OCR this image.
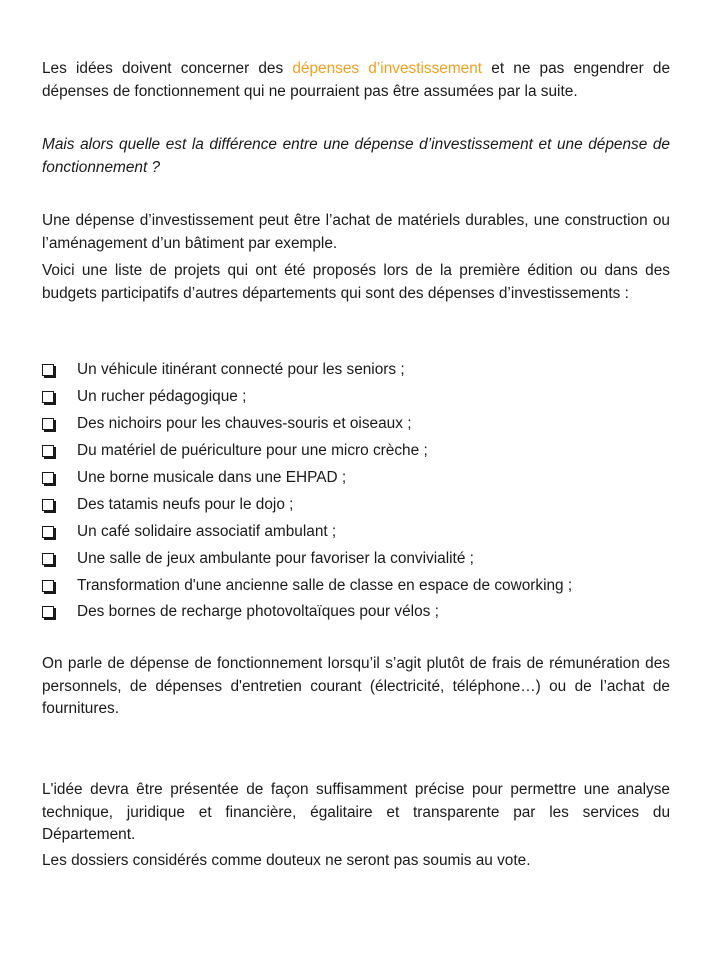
Les idées doivent concerner des dépenses d’investissement et ne pas engendrer de dépenses de fonctionnement qui ne pourraient pas être assumées par la suite.

Mais alors quelle est la différence entre une dépense d’investissement et une dépense de fonctionnement ?

Une dépense d’investissement peut être l’achat de matériels durables, une construction ou l’aménagement d’un bâtiment par exemple.

Voici une liste de projets qui ont été proposés lors de la première édition ou dans des budgets participatifs d’autres départements qui sont des dépenses d’investissements :

Un véhicule itinérant connecté pour les seniors ;
Un rucher pédagogique ;
Des nichoirs pour les chauves-souris et oiseaux ;
Du matériel de puériculture pour une micro crèche ;
Une borne musicale dans une EHPAD ;
Des tatamis neufs pour le dojo ;
Un café solidaire associatif ambulant ;
Une salle de jeux ambulante pour favoriser la convivialité ;
Transformation d'une ancienne salle de classe en espace de coworking ;
Des bornes de recharge photovoltaïques pour vélos ;

On parle de dépense de fonctionnement lorsqu’il s’agit plutôt de frais de rémunération des personnels, de dépenses d'entretien courant (électricité, téléphone…) ou de l’achat de fournitures.

L'idée devra être présentée de façon suffisamment précise pour permettre une analyse technique, juridique et financière, égalitaire et transparente par les services du Département.

Les dossiers considérés comme douteux ne seront pas soumis au vote.
